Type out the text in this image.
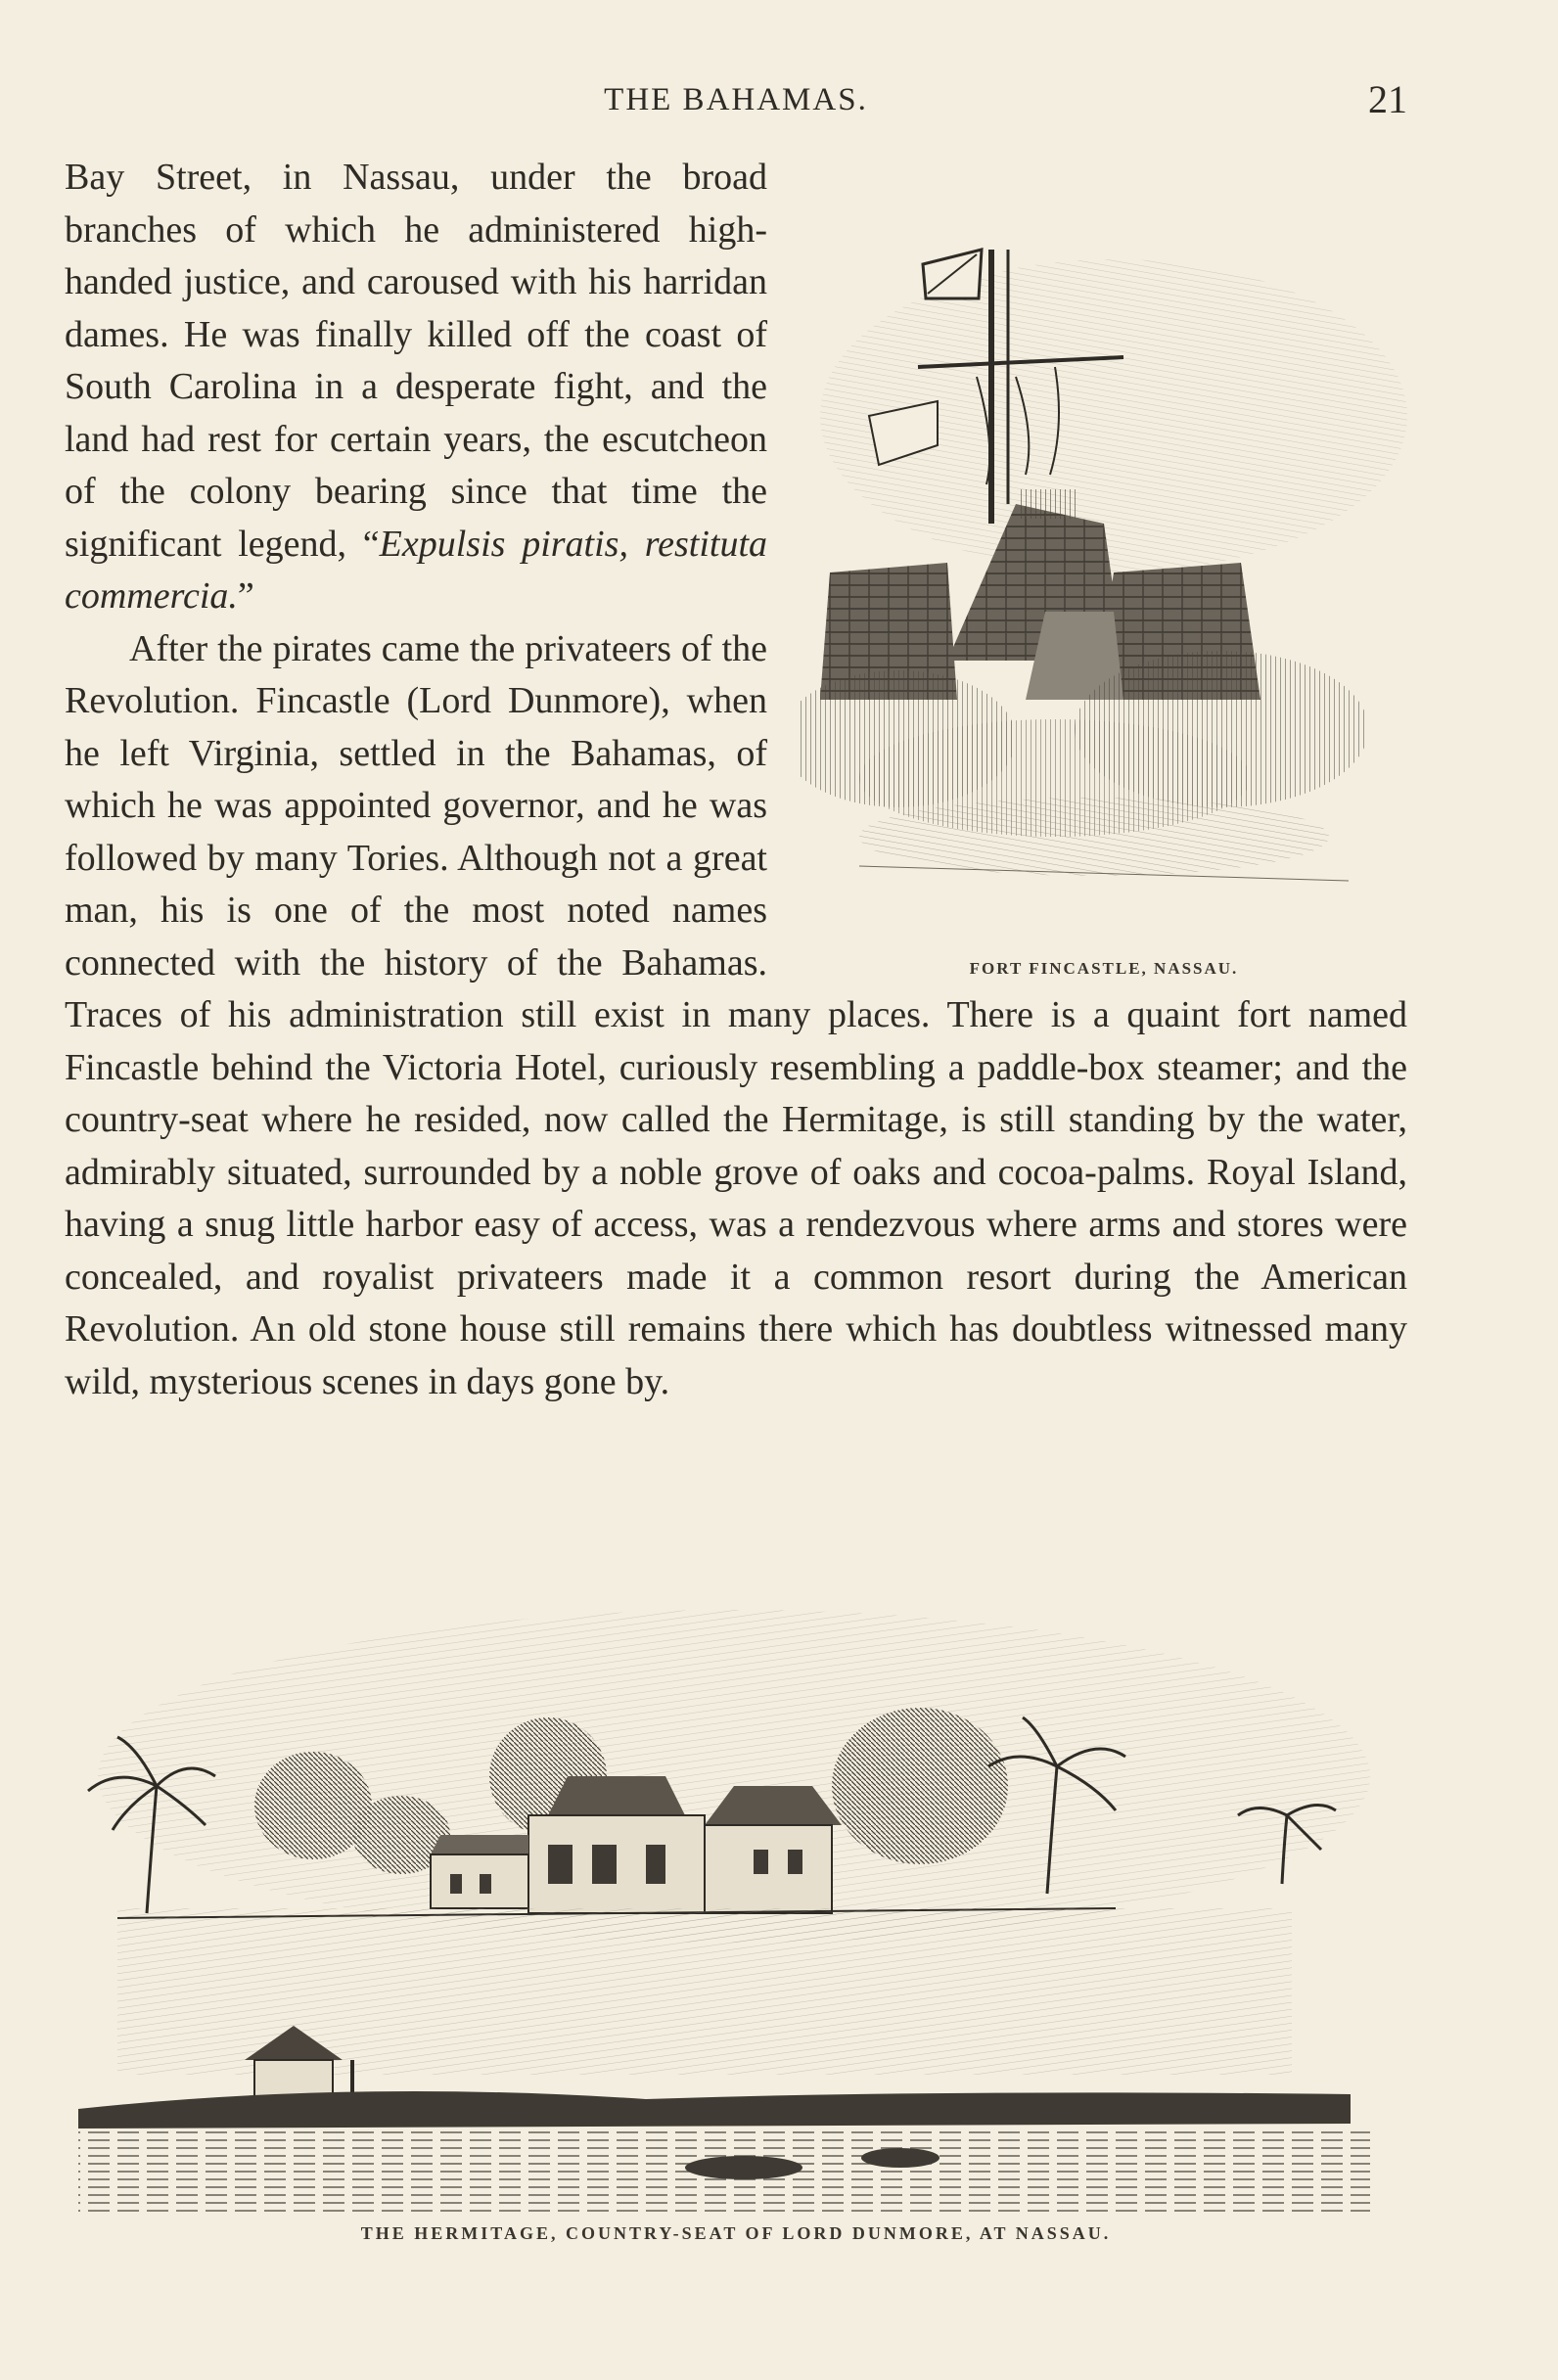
THE BAHAMAS.	21
FORT FINCASTLE, NASSAU.

Bay Street, in Nassau, under the broad branches of which he administered high-handed justice, and caroused with his harridan dames. He was finally killed off the coast of South Carolina in a desperate fight, and the land had rest for certain years, the escutcheon of the colony bearing since that time the significant legend, “Expulsis piratis, restituta commercia.”

After the pirates came the privateers of the Revolution. Fincastle (Lord Dunmore), when he left Virginia, settled in the Bahamas, of which he was appointed governor, and he was followed by many Tories. Although not a great man, his is one of the most noted names connected with the history of the Bahamas. Traces of his administration still exist in many places. There is a quaint fort named Fincastle behind the Victoria Hotel, curiously resembling a paddle-box steamer; and the country-seat where he resided, now called the Hermitage, is still standing by the water, admirably situated, surrounded by a noble grove of oaks and cocoa-palms. Royal Island, having a snug little harbor easy of access, was a rendezvous where arms and stores were concealed, and royalist privateers made it a common resort during the American Revolution. An old stone house still remains there which has doubtless witnessed many wild, mysterious scenes in days gone by.

THE HERMITAGE, COUNTRY-SEAT OF LORD DUNMORE, AT NASSAU.
